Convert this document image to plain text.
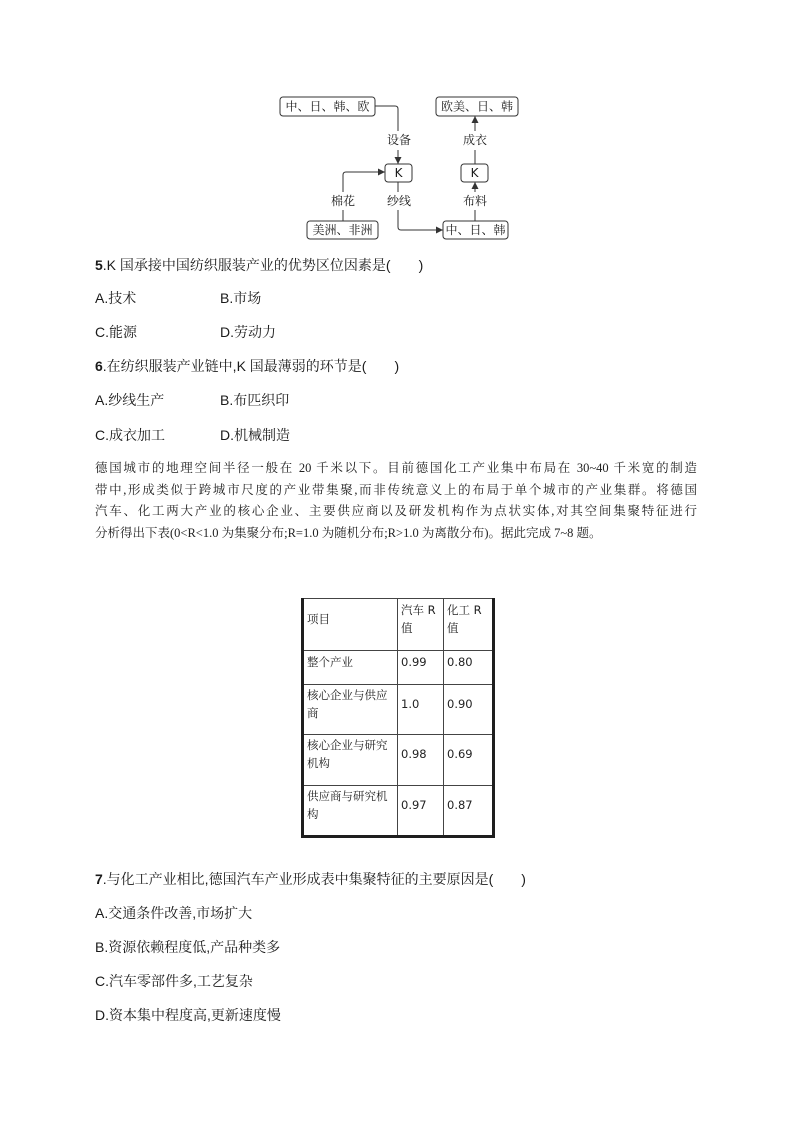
设备	成衣
棉花	纱线	布料
中、日、韩、欧	欧美、日、韩
K	K
美洲、非洲	中、日、韩
5.K 国承接中国纺织服装产业的优势区位因素是(　　)
A.技术	B.市场
C.能源	D.劳动力
6.在纺织服装产业链中,K 国最薄弱的环节是(　　)
A.纱线生产	B.布匹织印
C.成衣加工	D.机械制造
德国城市的地理空间半径一般在 20 千米以下。目前德国化工产业集中布局在 30~40 千米宽的制造
带中,形成类似于跨城市尺度的产业带集聚,而非传统意义上的布局于单个城市的产业集群。将德国
汽车、化工两大产业的核心企业、主要供应商以及研发机构作为点状实体,对其空间集聚特征进行
分析得出下表(0<R<1.0 为集聚分布;R=1.0 为随机分布;R>1.0 为离散分布)。据此完成 7~8 题。
项目	汽车 R 值	化工 R 值
整个产业	0.99	0.80
核心企业与供应商	1.0	0.90
核心企业与研究机构	0.98	0.69
供应商与研究机构	0.97	0.87
7.与化工产业相比,德国汽车产业形成表中集聚特征的主要原因是(　　)
A.交通条件改善,市场扩大
B.资源依赖程度低,产品种类多
C.汽车零部件多,工艺复杂
D.资本集中程度高,更新速度慢
